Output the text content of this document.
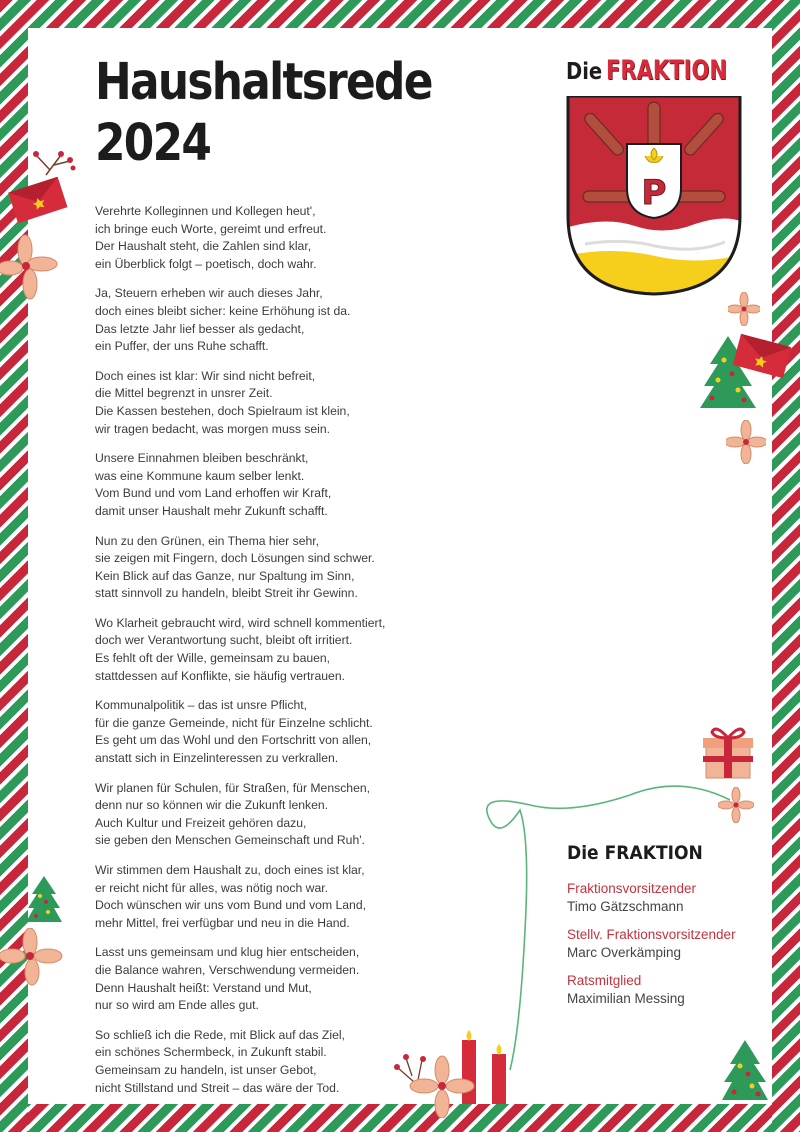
Haushaltsrede
2024

Verehrte Kolleginnen und Kollegen heut',
ich bringe euch Worte, gereimt und erfreut.
Der Haushalt steht, die Zahlen sind klar,
ein Überblick folgt – poetisch, doch wahr.

Ja, Steuern erheben wir auch dieses Jahr,
doch eines bleibt sicher: keine Erhöhung ist da.
Das letzte Jahr lief besser als gedacht,
ein Puffer, der uns Ruhe schafft.

Doch eines ist klar: Wir sind nicht befreit,
die Mittel begrenzt in unsrer Zeit.
Die Kassen bestehen, doch Spielraum ist klein,
wir tragen bedacht, was morgen muss sein.

Unsere Einnahmen bleiben beschränkt,
was eine Kommune kaum selber lenkt.
Vom Bund und vom Land erhoffen wir Kraft,
damit unser Haushalt mehr Zukunft schafft.

Nun zu den Grünen, ein Thema hier sehr,
sie zeigen mit Fingern, doch Lösungen sind schwer.
Kein Blick auf das Ganze, nur Spaltung im Sinn,
statt sinnvoll zu handeln, bleibt Streit ihr Gewinn.

Wo Klarheit gebraucht wird, wird schnell kommentiert,
doch wer Verantwortung sucht, bleibt oft irritiert.
Es fehlt oft der Wille, gemeinsam zu bauen,
stattdessen auf Konflikte, sie häufig vertrauen.

Kommunalpolitik – das ist unsre Pflicht,
für die ganze Gemeinde, nicht für Einzelne schlicht.
Es geht um das Wohl und den Fortschritt von allen,
anstatt sich in Einzelinteressen zu verkrallen.

Wir planen für Schulen, für Straßen, für Menschen,
denn nur so können wir die Zukunft lenken.
Auch Kultur und Freizeit gehören dazu,
sie geben den Menschen Gemeinschaft und Ruh'.

Wir stimmen dem Haushalt zu, doch eines ist klar,
er reicht nicht für alles, was nötig noch war.
Doch wünschen wir uns vom Bund und vom Land,
mehr Mittel, frei verfügbar und neu in die Hand.

Lasst uns gemeinsam und klug hier entscheiden,
die Balance wahren, Verschwendung vermeiden.
Denn Haushalt heißt: Verstand und Mut,
nur so wird am Ende alles gut.

So schließ ich die Rede, mit Blick auf das Ziel,
ein schönes Schermbeck, in Zukunft stabil.
Gemeinsam zu handeln, ist unser Gebot,
nicht Stillstand und Streit – das wäre der Tod.

Die FRAKTION
P
Die FRAKTION
Fraktionsvorsitzender
Timo Gätzschmann
Stellv. Fraktionsvorsitzender
Marc Overkämping
Ratsmitglied
Maximilian Messing
